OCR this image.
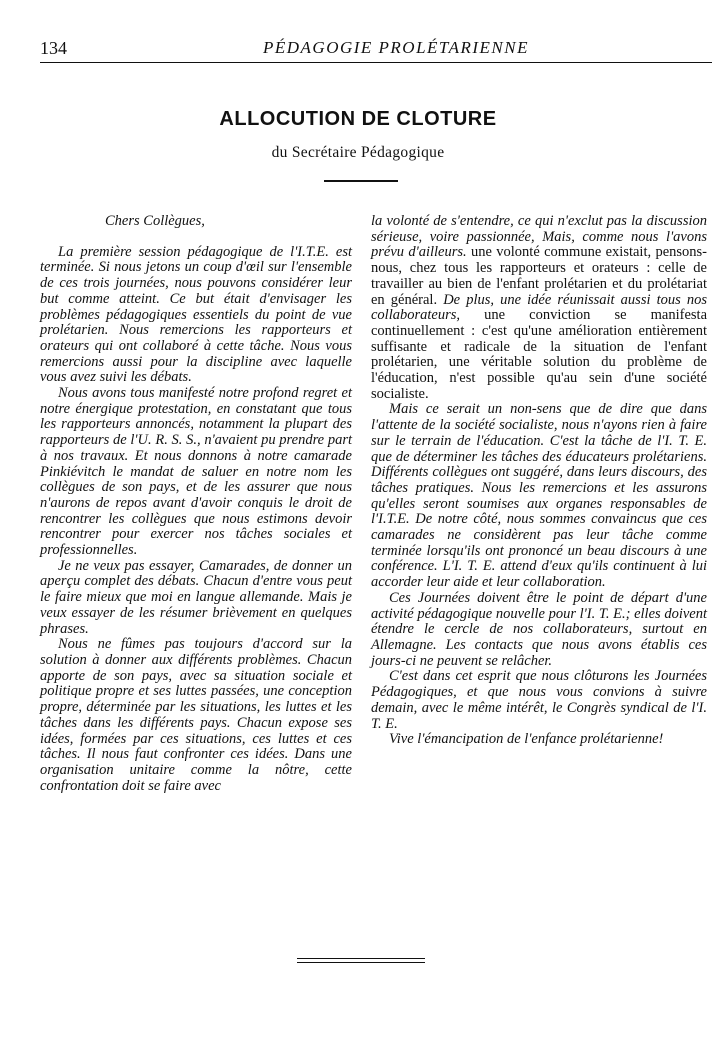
134	PÉDAGOGIE PROLÉTARIENNE
ALLOCUTION DE CLOTURE
du Secrétaire Pédagogique

Chers Collègues,

La première session pédagogique de l'I.T.E. est terminée. Si nous jetons un coup d'œil sur l'ensemble de ces trois journées, nous pouvons considérer leur but comme atteint. Ce but était d'envisager les problèmes pédagogiques essentiels du point de vue prolétarien. Nous remercions les rapporteurs et orateurs qui ont collaboré à cette tâche. Nous vous remercions aussi pour la discipline avec laquelle vous avez suivi les débats.

Nous avons tous manifesté notre profond regret et notre énergique protestation, en constatant que tous les rapporteurs annoncés, notamment la plupart des rapporteurs de l'U. R. S. S., n'avaient pu prendre part à nos travaux. Et nous donnons à notre camarade Pinkiévitch le mandat de saluer en notre nom les collègues de son pays, et de les assurer que nous n'aurons de repos avant d'avoir conquis le droit de rencontrer les collègues que nous estimons devoir rencontrer pour exercer nos tâches sociales et professionnelles.

Je ne veux pas essayer, Camarades, de donner un aperçu complet des débats. Chacun d'entre vous peut le faire mieux que moi en langue allemande. Mais je veux essayer de les résumer brièvement en quelques phrases.

Nous ne fûmes pas toujours d'accord sur la solution à donner aux différents problèmes. Chacun apporte de son pays, avec sa situation sociale et politique propre et ses luttes passées, une conception propre, déterminée par les situations, les luttes et les tâches dans les différents pays. Chacun expose ses idées, formées par ces situations, ces luttes et ces tâches. Il nous faut confronter ces idées. Dans une organisation unitaire comme la nôtre, cette confrontation doit se faire avec

la volonté de s'entendre, ce qui n'exclut pas la discussion sérieuse, voire passionnée, Mais, comme nous l'avons prévu d'ailleurs. une volonté commune existait, pensons-nous, chez tous les rapporteurs et orateurs : celle de travailler au bien de l'enfant prolétarien et du prolétariat en général. De plus, une idée réunissait aussi tous nos collaborateurs, une conviction se manifesta continuellement : c'est qu'une amélioration entièrement suffisante et radicale de la situation de l'enfant prolétarien, une véritable solution du problème de l'éducation, n'est possible qu'au sein d'une société socialiste.

Mais ce serait un non-sens que de dire que dans l'attente de la société socialiste, nous n'ayons rien à faire sur le terrain de l'éducation. C'est la tâche de l'I. T. E. que de déterminer les tâches des éducateurs prolétariens. Différents collègues ont suggéré, dans leurs discours, des tâches pratiques. Nous les remercions et les assurons qu'elles seront soumises aux organes responsables de l'I.T.E. De notre côté, nous sommes convaincus que ces camarades ne considèrent pas leur tâche comme terminée lorsqu'ils ont prononcé un beau discours à une conférence. L'I. T. E. attend d'eux qu'ils continuent à lui accorder leur aide et leur collaboration.

Ces Journées doivent être le point de départ d'une activité pédagogique nouvelle pour l'I. T. E.; elles doivent étendre le cercle de nos collaborateurs, surtout en Allemagne. Les contacts que nous avons établis ces jours-ci ne peuvent se relâcher.

C'est dans cet esprit que nous clôturons les Journées Pédagogiques, et que nous vous convions à suivre demain, avec le même intérêt, le Congrès syndical de l'I. T. E.

Vive l'émancipation de l'enfance prolétarienne!
